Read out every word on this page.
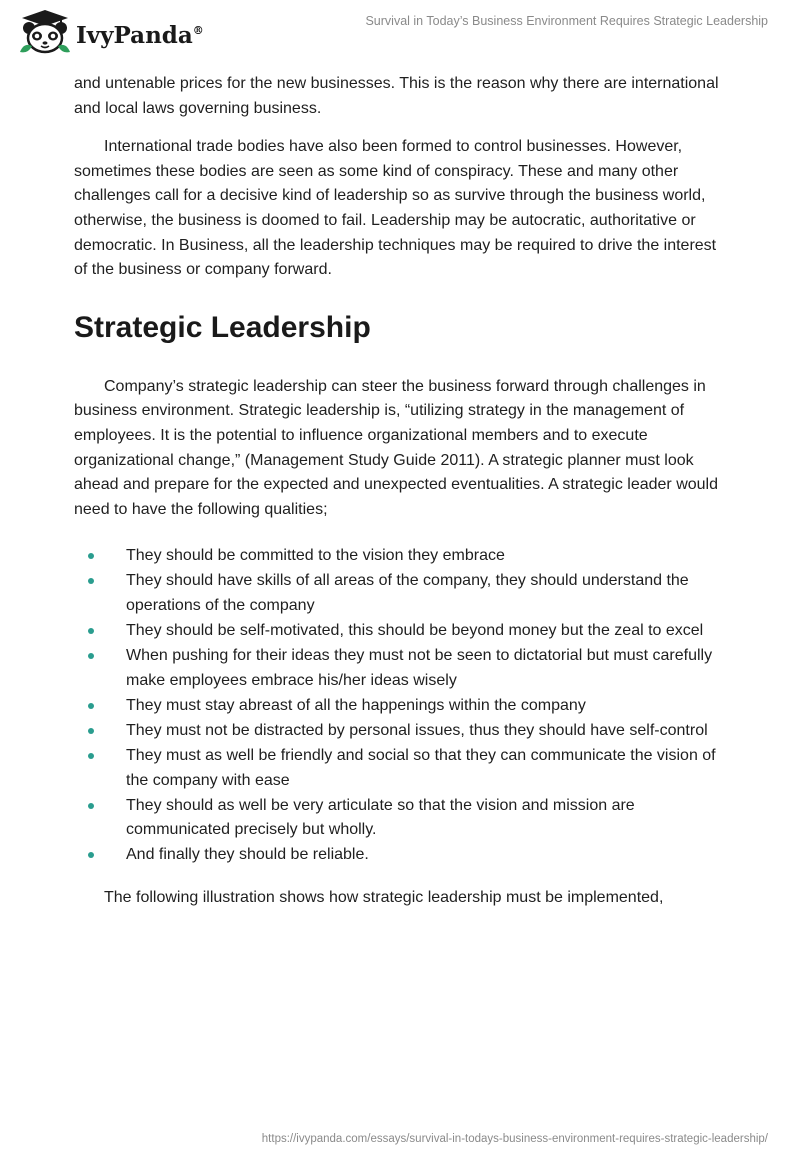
IvyPanda®
Survival in Today’s Business Environment Requires Strategic Leadership

and untenable prices for the new businesses. This is the reason why there are international and local laws governing business.

International trade bodies have also been formed to control businesses. However, sometimes these bodies are seen as some kind of conspiracy. These and many other challenges call for a decisive kind of leadership so as survive through the business world, otherwise, the business is doomed to fail. Leadership may be autocratic, authoritative or democratic. In Business, all the leadership techniques may be required to drive the interest of the business or company forward.

Strategic Leadership

Company’s strategic leadership can steer the business forward through challenges in business environment. Strategic leadership is, “utilizing strategy in the management of employees. It is the potential to influence organizational members and to execute organizational change,” (Management Study Guide 2011). A strategic planner must look ahead and prepare for the expected and unexpected eventualities. A strategic leader would need to have the following qualities;

They should be committed to the vision they embrace
They should have skills of all areas of the company, they should understand the operations of the company
They should be self-motivated, this should be beyond money but the zeal to excel
When pushing for their ideas they must not be seen to dictatorial but must carefully make employees embrace his/her ideas wisely
They must stay abreast of all the happenings within the company
They must not be distracted by personal issues, thus they should have self-control
They must as well be friendly and social so that they can communicate the vision of the company with ease
They should as well be very articulate so that the vision and mission are communicated precisely but wholly.
And finally they should be reliable.

The following illustration shows how strategic leadership must be implemented,

https://ivypanda.com/essays/survival-in-todays-business-environment-requires-strategic-leadership/
